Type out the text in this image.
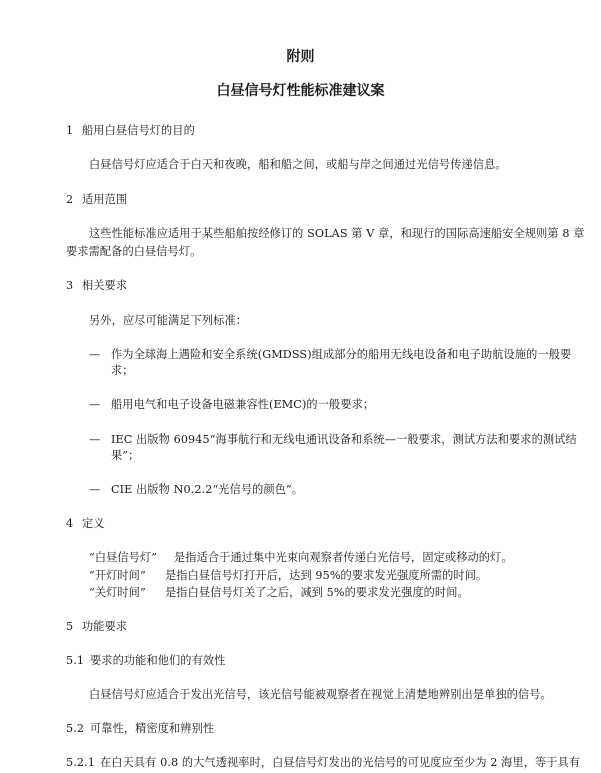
附则
白昼信号灯性能标准建议案
1 船用白昼信号灯的目的
白昼信号灯应适合于白天和夜晚，船和船之间，或船与岸之间通过光信号传递信息。
2 适用范围
这些性能标准应适用于某些船舶按经修订的 SOLAS 第 V 章，和现行的国际高速船安全规则第 8 章
要求需配备的白昼信号灯。
3 相关要求
另外，应尽可能满足下列标准：
— 作为全球海上遇险和安全系统(GMDSS)组成部分的船用无线电设备和电子助航设施的一般要
求；
— 船用电气和电子设备电磁兼容性(EMC)的一般要求；
— IEC 出版物 60945“海事航行和无线电通讯设备和系统—一般要求，测试方法和要求的测试结
果”；
— CIE 出版物 N0.2.2“光信号的颜色”。
4 定义
“白昼信号灯” 是指适合于通过集中光束向观察者传递白光信号，固定或移动的灯。
“开灯时间” 是指白昼信号灯打开后，达到 95%的要求发光强度所需的时间。
“关灯时间” 是指白昼信号灯关了之后，减到 5%的要求发光强度的时间。
5 功能要求
5.1 要求的功能和他们的有效性
白昼信号灯应适合于发出光信号，该光信号能被观察者在视觉上清楚地辨别出是单独的信号。
5.2 可靠性，精密度和辨别性
5.2.1 在白天具有 0.8 的大气透视率时，白昼信号灯发出的光信号的可见度应至少为 2 海里，等于具有
